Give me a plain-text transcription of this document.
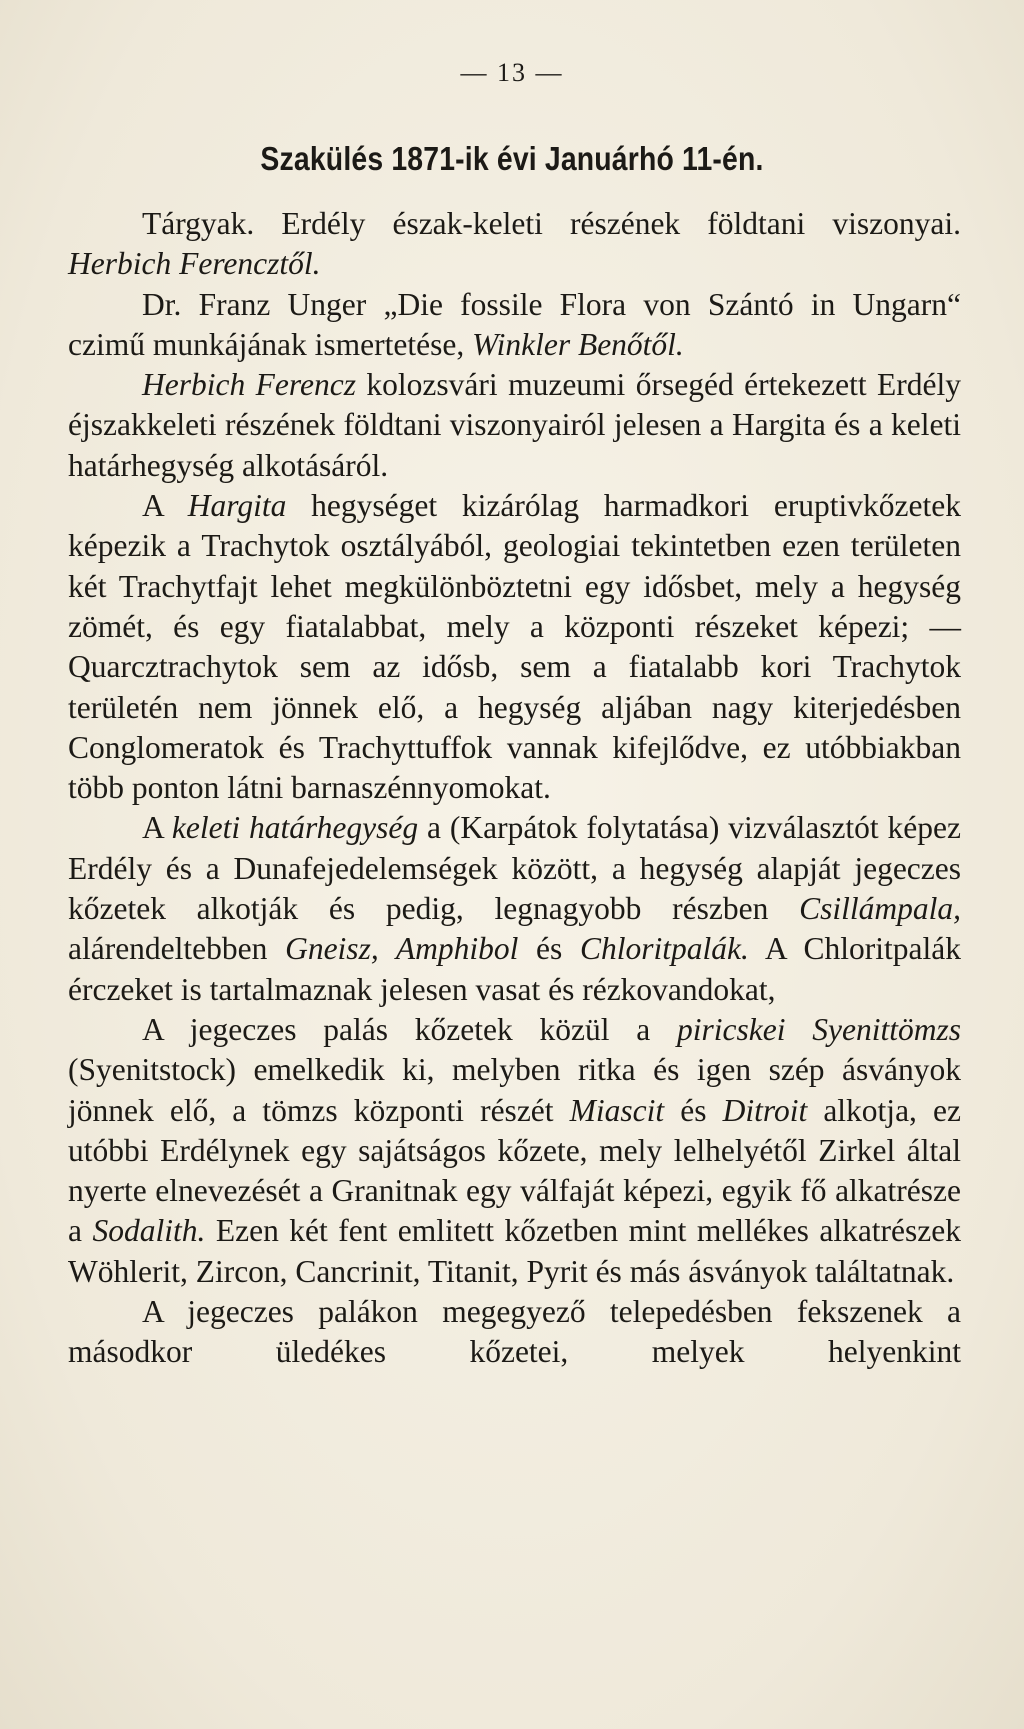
— 13 —
Szakülés 1871-ik évi Januárhó 11-én.

Tárgyak. Erdély észak-keleti részének földtani viszonyai. Herbich Ferencztől.

Dr. Franz Unger „Die fossile Flora von Szántó in Ungarn“ czimű munkájának ismertetése, Winkler Benőtől.

Herbich Ferencz kolozsvári muzeumi őrsegéd értekezett Erdély éjszakkeleti részének földtani viszonyairól jelesen a Hargita és a keleti határhegység alkotásáról.

A Hargita hegységet kizárólag harmadkori eruptivkőzetek képezik a Trachytok osztályából, geologiai tekintetben ezen területen két Trachytfajt lehet megkülönböztetni egy idősbet, mely a hegység zömét, és egy fiatalabbat, mely a központi részeket képezi; — Quarcztrachytok sem az idősb, sem a fiatalabb kori Trachytok területén nem jönnek elő, a hegység aljában nagy kiterjedésben Conglomeratok és Trachyttuffok vannak kifejlődve, ez utóbbiakban több ponton látni barnaszénnyomokat.

A keleti határhegység a (Karpátok folytatása) vizválasztót képez Erdély és a Dunafejedelemségek között, a hegység alapját jegeczes kőzetek alkotják és pedig, legnagyobb részben Csillámpala, alárendeltebben Gneisz, Amphibol és Chloritpalák. A Chloritpalák érczeket is tartalmaznak jelesen vasat és rézkovandokat,

A jegeczes palás kőzetek közül a piricskei Syenittömzs (Syenitstock) emelkedik ki, melyben ritka és igen szép ásványok jönnek elő, a tömzs központi részét Miascit és Ditroit alkotja, ez utóbbi Erdélynek egy sajátságos kőzete, mely lelhelyétől Zirkel által nyerte elnevezését a Granitnak egy válfaját képezi, egyik fő alkatrésze a Sodalith. Ezen két fent emlitett kőzetben mint mellékes alkatrészek Wöhlerit, Zircon, Cancrinit, Titanit, Pyrit és más ásványok találtatnak.

A jegeczes palákon megegyező telepedésben fekszenek a másodkor üledékes kőzetei, melyek helyenkint
